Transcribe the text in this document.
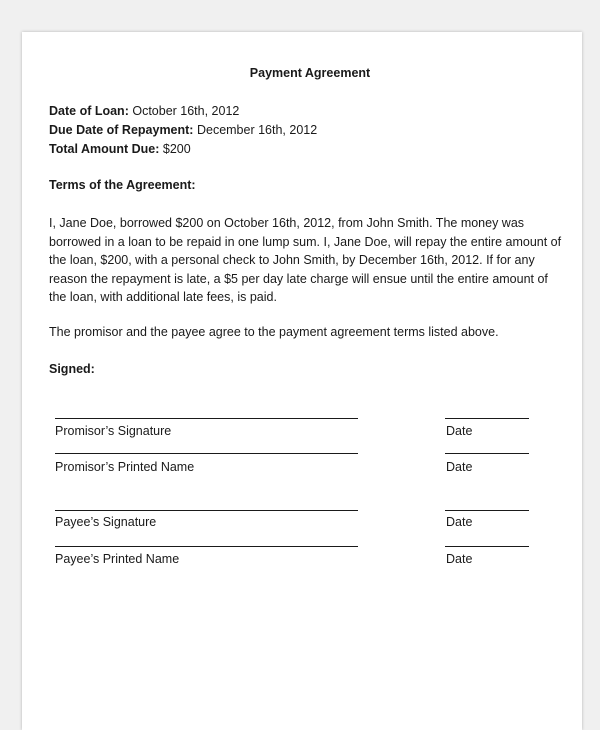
Payment Agreement
Date of Loan: October 16th, 2012
Due Date of Repayment: December 16th, 2012
Total Amount Due: $200
Terms of the Agreement:
I, Jane Doe, borrowed $200 on October 16th, 2012, from John Smith. The money was borrowed in a loan to be repaid in one lump sum. I, Jane Doe, will repay the entire amount of the loan, $200, with a personal check to John Smith, by December 16th, 2012. If for any reason the repayment is late, a $5 per day late charge will ensue until the entire amount of the loan, with additional late fees, is paid.
The promisor and the payee agree to the payment agreement terms listed above.
Signed:
Promisor’s Signature	Date
Promisor’s Printed Name	Date
Payee’s Signature	Date
Payee’s Printed Name	Date
